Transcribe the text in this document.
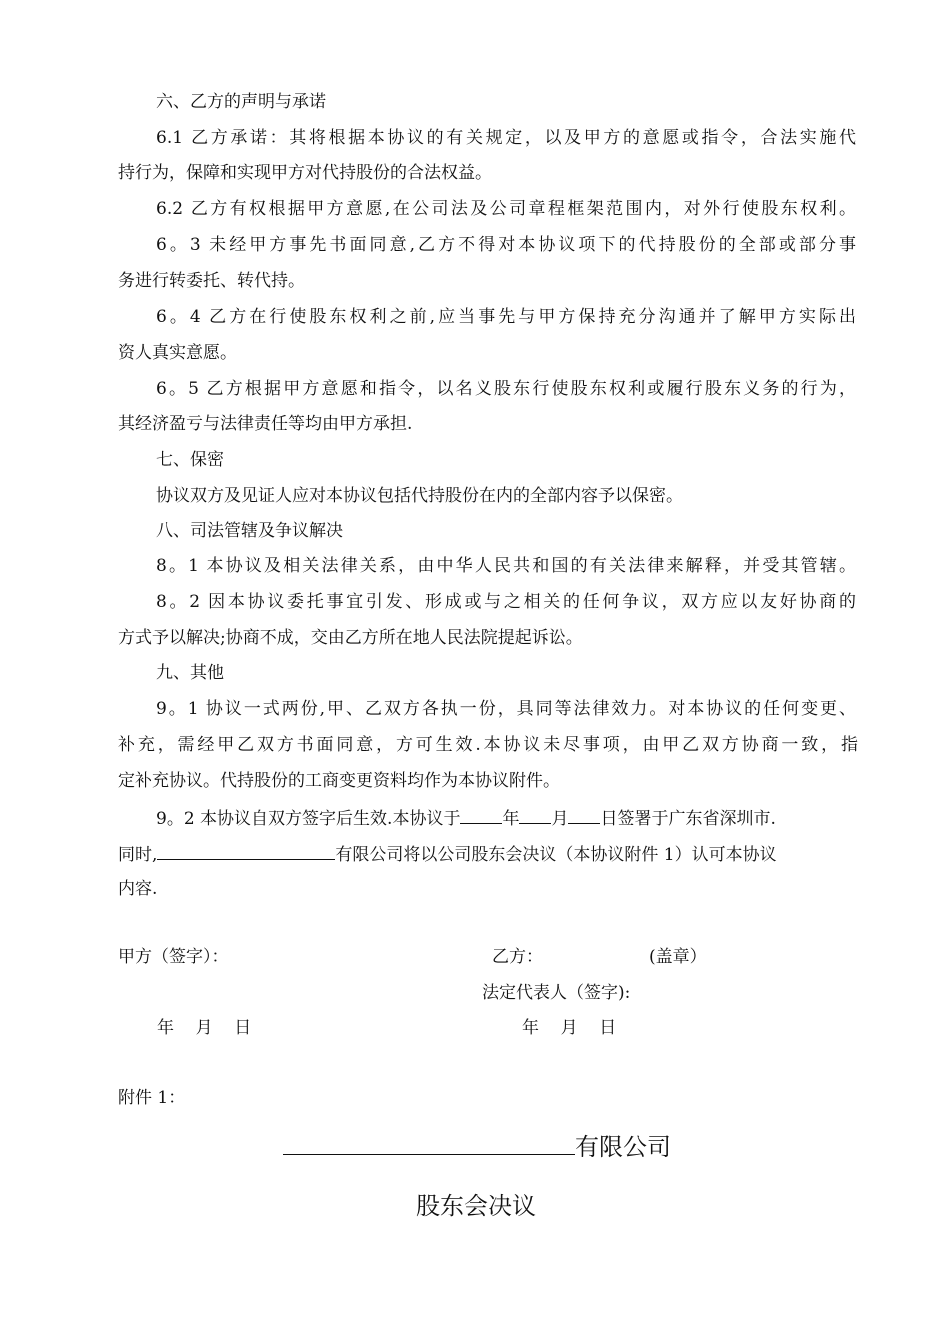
六、乙方的声明与承诺
6.1 乙方承诺：其将根据本协议的有关规定，以及甲方的意愿或指令，合法实施代
持行为，保障和实现甲方对代持股份的合法权益。
6.2 乙方有权根据甲方意愿,在公司法及公司章程框架范围内，对外行使股东权利。
6。3 未经甲方事先书面同意,乙方不得对本协议项下的代持股份的全部或部分事
务进行转委托、转代持。
6。4 乙方在行使股东权利之前,应当事先与甲方保持充分沟通并了解甲方实际出
资人真实意愿。
6。5 乙方根据甲方意愿和指令，以名义股东行使股东权利或履行股东义务的行为，
其经济盈亏与法律责任等均由甲方承担.
七、保密
协议双方及见证人应对本协议包括代持股份在内的全部内容予以保密。
八、司法管辖及争议解决
8。1 本协议及相关法律关系，由中华人民共和国的有关法律来解释，并受其管辖。
8。2 因本协议委托事宜引发、形成或与之相关的任何争议，双方应以友好协商的
方式予以解决;协商不成，交由乙方所在地人民法院提起诉讼。
九、其他
9。1 协议一式两份,甲、乙双方各执一份，具同等法律效力。对本协议的任何变更、
补充，需经甲乙双方书面同意，方可生效.本协议未尽事项，由甲乙双方协商一致，指
定补充协议。代持股份的工商变更资料均作为本协议附件。
9。2 本协议自双方签字后生效.本协议于 年 月 日签署于广东省深圳市.
同时,	有限公司将以公司股东会决议（本协议附件 1）认可本协议
内容.
甲方（签字）：	乙方：	(盖章）
法定代表人（签字):
年    月    日	年    月    日
附件 1：
有限公司
股东会决议
